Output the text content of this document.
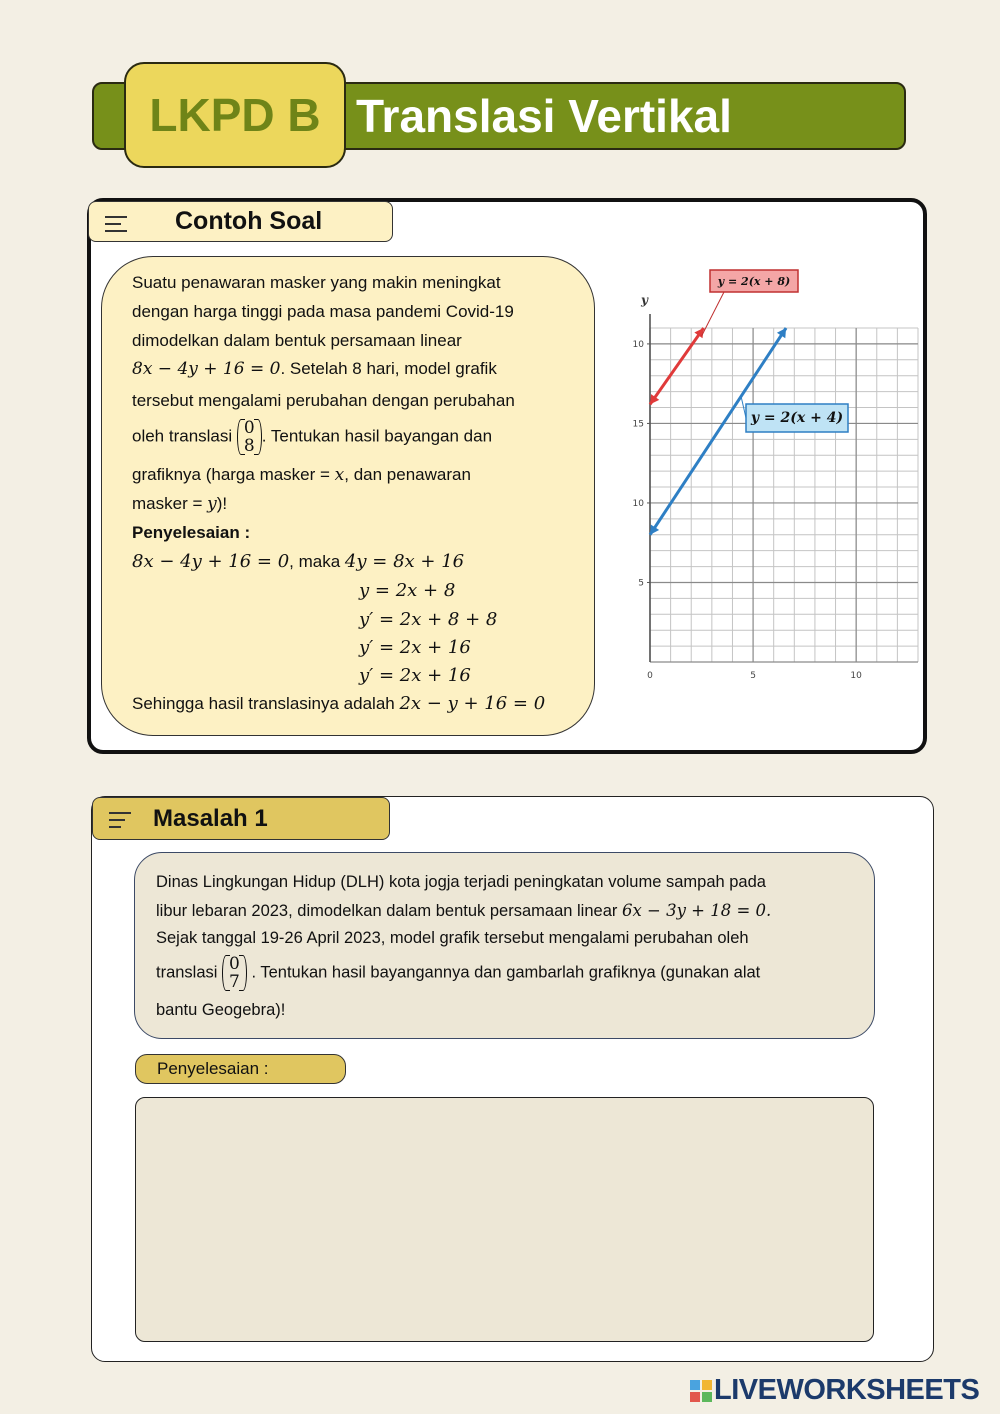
Translasi Vertikal
LKPD B
Contoh Soal
Suatu penawaran masker yang makin meningkat
dengan harga tinggi pada masa pandemi Covid-19
dimodelkan dalam bentuk persamaan linear
8x − 4y + 16 = 0. Setelah 8 hari, model grafik
tersebut mengalami perubahan dengan perubahan
oleh translasi 0
8
. Tentukan hasil bayangan dan
grafiknya (harga masker = x, dan penawaran
masker = y)!
Penyelesaian :
8x − 4y + 16 = 0, maka 4y = 8x + 16
y = 2x + 8
y′ = 2x + 8 + 8
y′ = 2x + 16
y′ = 2x + 16
Sehingga hasil translasinya adalah 2x − y + 16 = 0
y
5
10
15
10
0	5	10
y = 2(x + 8)
y = 2(x + 4)
Masalah 1
Dinas Lingkungan Hidup (DLH) kota jogja terjadi peningkatan volume sampah pada
libur lebaran 2023, dimodelkan dalam bentuk persamaan linear 6x − 3y + 18 = 0.
Sejak tanggal 19-26 April 2023, model grafik tersebut mengalami perubahan oleh
translasi 0
7 . Tentukan hasil bayangannya dan gambarlah grafiknya (gunakan alat
bantu Geogebra)!
Penyelesaian :
LIVEWORKSHEETS
